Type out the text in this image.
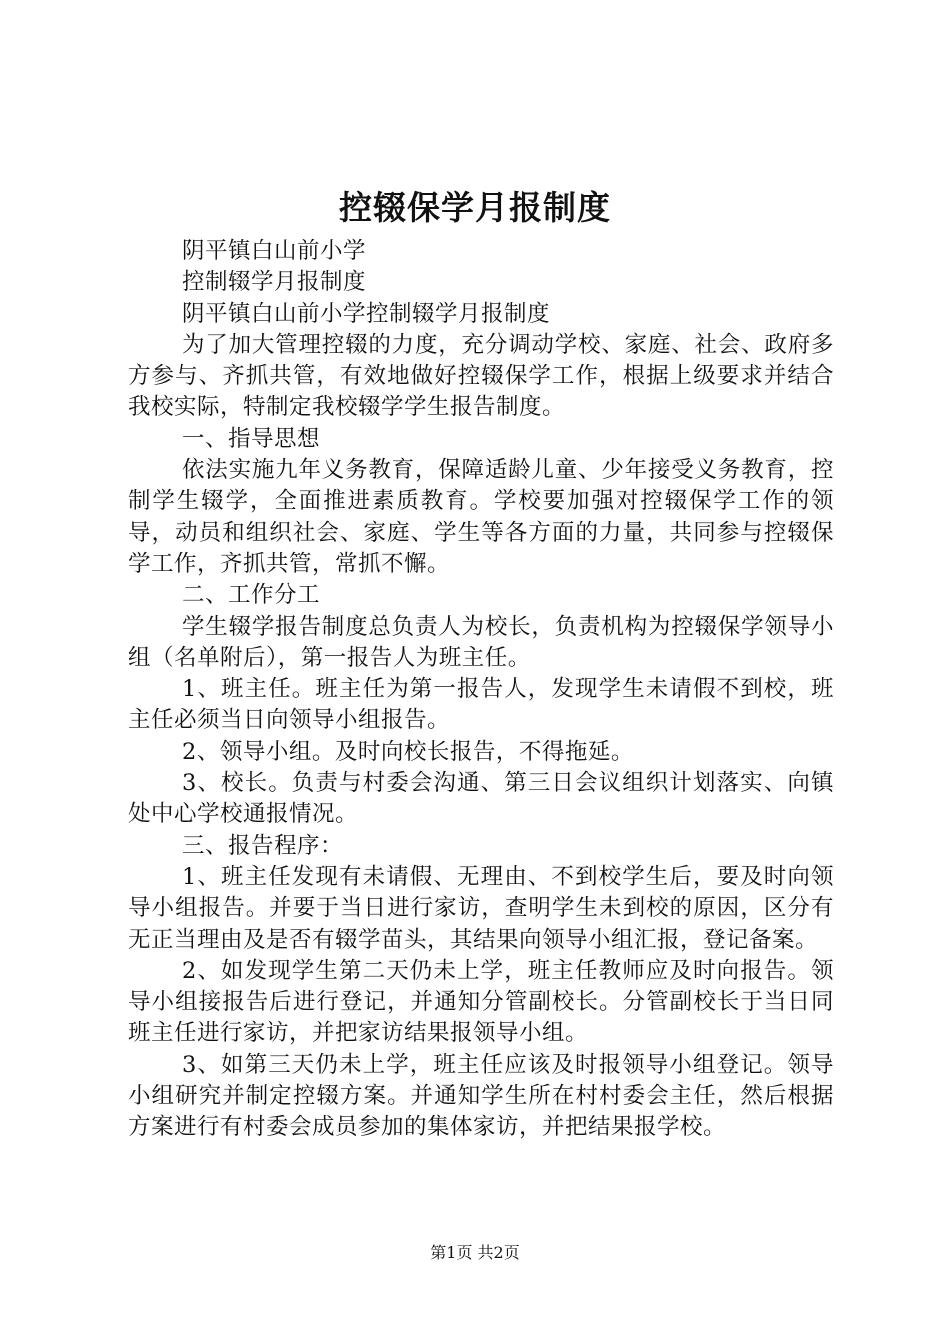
控辍保学月报制度

阴平镇白山前小学

控制辍学月报制度

阴平镇白山前小学控制辍学月报制度

为了加大管理控辍的力度，充分调动学校、家庭、社会、政府多方参与、齐抓共管，有效地做好控辍保学工作，根据上级要求并结合我校实际，特制定我校辍学学生报告制度。

一、指导思想

依法实施九年义务教育，保障适龄儿童、少年接受义务教育，控制学生辍学，全面推进素质教育。学校要加强对控辍保学工作的领导，动员和组织社会、家庭、学生等各方面的力量，共同参与控辍保学工作，齐抓共管，常抓不懈。

二、工作分工

学生辍学报告制度总负责人为校长，负责机构为控辍保学领导小组（名单附后），第一报告人为班主任。

1、班主任。班主任为第一报告人，发现学生未请假不到校，班主任必须当日向领导小组报告。

2、领导小组。及时向校长报告，不得拖延。

3、校长。负责与村委会沟通、第三日会议组织计划落实、向镇处中心学校通报情况。

三、报告程序：

1、班主任发现有未请假、无理由、不到校学生后，要及时向领导小组报告。并要于当日进行家访，查明学生未到校的原因，区分有无正当理由及是否有辍学苗头，其结果向领导小组汇报，登记备案。

2、如发现学生第二天仍未上学，班主任教师应及时向报告。领导小组接报告后进行登记，并通知分管副校长。分管副校长于当日同班主任进行家访，并把家访结果报领导小组。

3、如第三天仍未上学，班主任应该及时报领导小组登记。领导小组研究并制定控辍方案。并通知学生所在村村委会主任，然后根据方案进行有村委会成员参加的集体家访，并把结果报学校。

第1页 共2页
